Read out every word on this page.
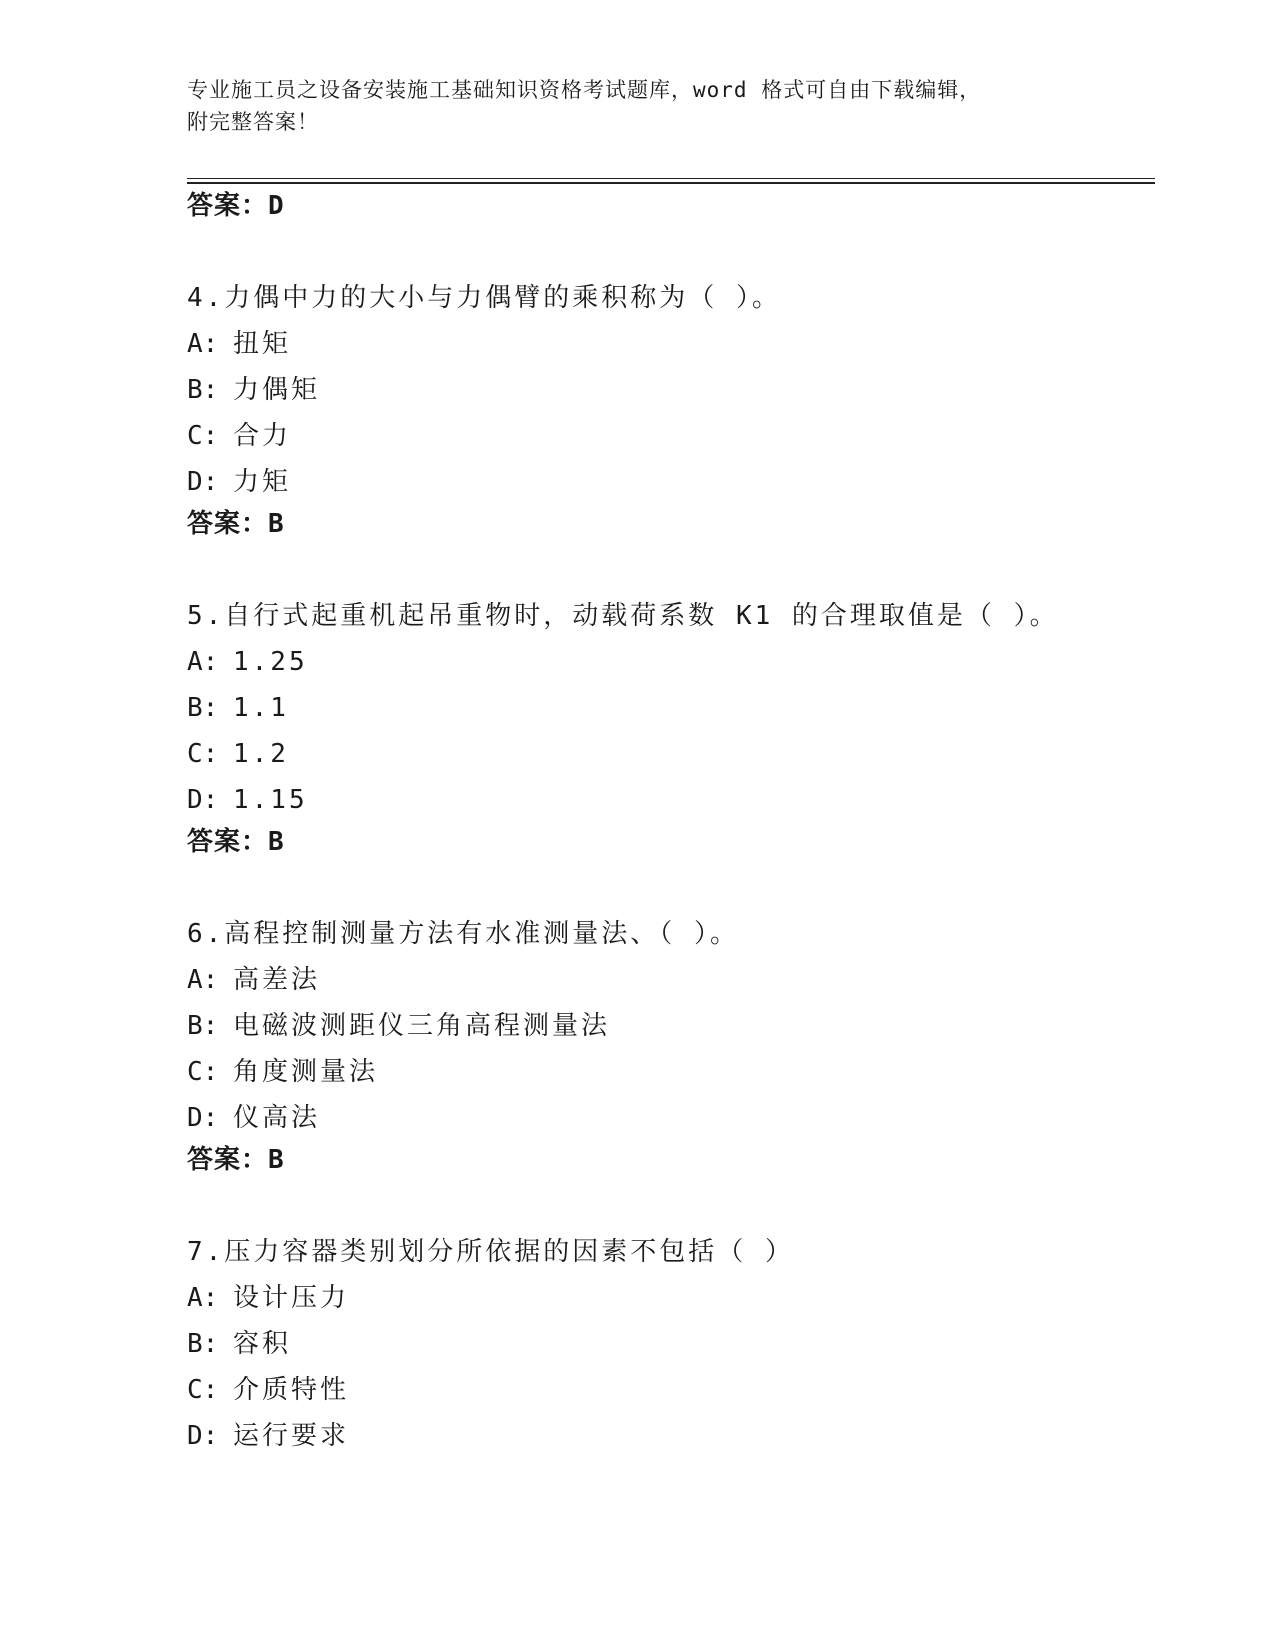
专业施工员之设备安装施工基础知识资格考试题库，word 格式可自由下载编辑，
附完整答案！
答案：D
4.力偶中力的大小与力偶臂的乘积称为（ ）。
A: 扭矩
B: 力偶矩
C: 合力
D: 力矩
答案：B
5.自行式起重机起吊重物时，动载荷系数 K1 的合理取值是（ ）。
A: 1.25
B: 1.1
C: 1.2
D: 1.15
答案：B
6.高程控制测量方法有水准测量法、（ ）。
A: 高差法
B: 电磁波测距仪三角高程测量法
C: 角度测量法
D: 仪高法
答案：B
7.压力容器类别划分所依据的因素不包括（ ）
A: 设计压力
B: 容积
C: 介质特性
D: 运行要求
